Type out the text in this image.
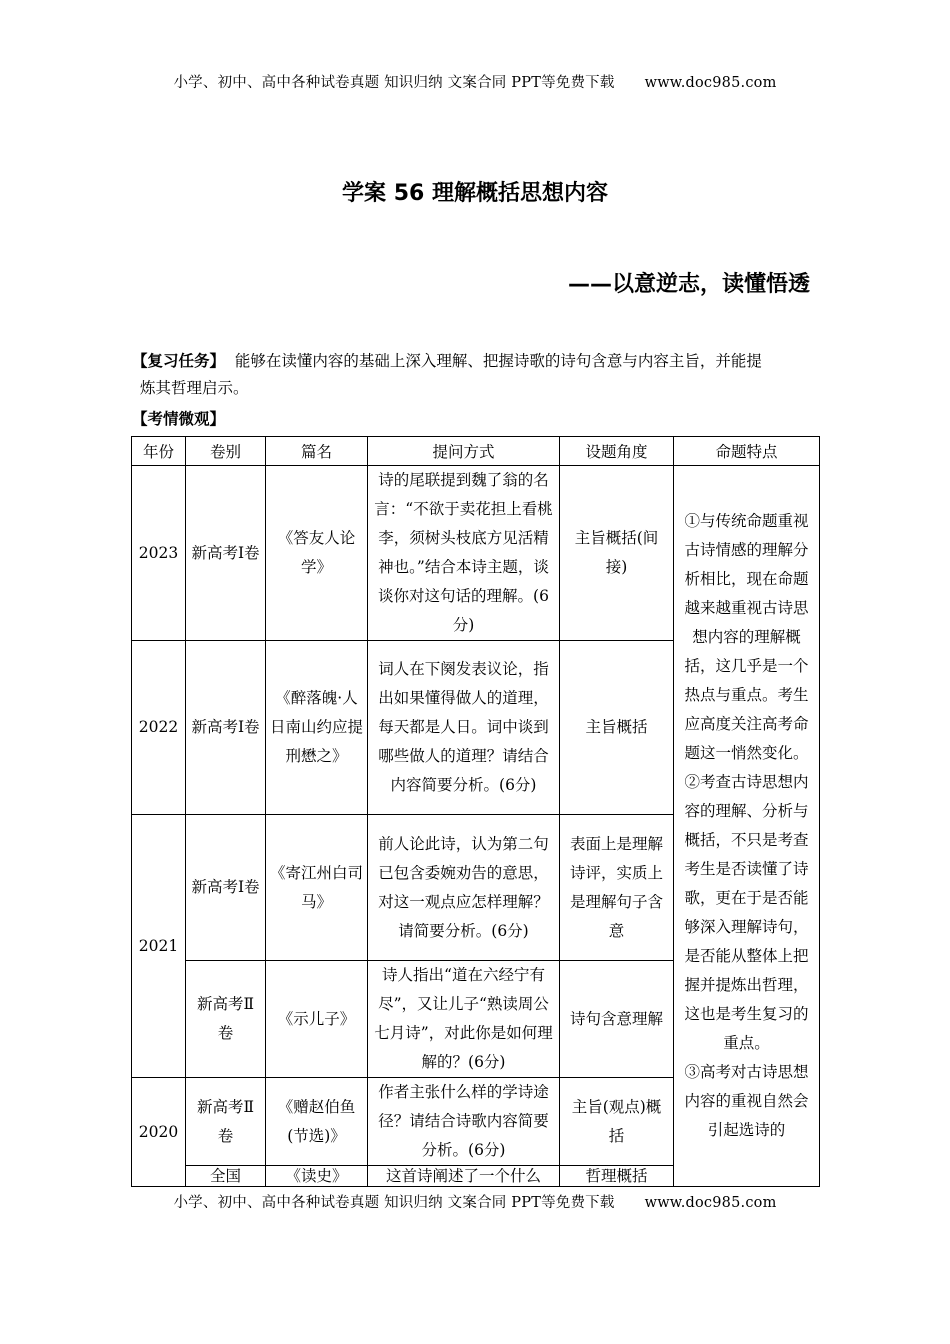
小学、初中、高中各种试卷真题 知识归纳 文案合同 PPT等免费下载 www.doc985.com
学案 56 理解概括思想内容
——以意逆志，读懂悟透
【复习任务】 能够在读懂内容的基础上深入理解、把握诗歌的诗句含意与内容主旨，并能提
炼其哲理启示。
【考情微观】
年份	卷别	篇名	提问方式	设题角度	命题特点
2023	新高考Ⅰ卷	《答友人论学》	诗的尾联提到魏了翁的名言：“不欲于卖花担上看桃李，须树头枝底方见活精神也。”结合本诗主题，谈谈你对这句话的理解。(6分)	主旨概括(间接)	①与传统命题重视古诗情感的理解分析相比，现在命题越来越重视古诗思想内容的理解概括，这几乎是一个热点与重点。考生应高度关注高考命题这一悄然变化。

②考查古诗思想内容的理解、分析与概括，不只是考查考生是否读懂了诗歌，更在于是否能够深入理解诗句，是否能从整体上把握并提炼出哲理，这也是考生复习的重点。

③高考对古诗思想内容的重视自然会引起选诗的

2022	新高考Ⅰ卷	《醉落魄·人日南山约应提刑懋之》	词人在下阕发表议论，指出如果懂得做人的道理，每天都是人日。词中谈到哪些做人的道理？请结合内容简要分析。(6分)	主旨概括	
2021	新高考Ⅰ卷	《寄江州白司马》	前人论此诗，认为第二句已包含委婉劝告的意思，对这一观点应怎样理解？请简要分析。(6分)	表面上是理解诗评，实质上是理解句子含意	
	新高考Ⅱ卷	《示儿子》	诗人指出“道在六经宁有尽”，又让儿子“熟读周公七月诗”，对此你是如何理解的？(6分)	诗句含意理解	
2020	新高考Ⅱ卷	《赠赵伯鱼(节选)》	作者主张什么样的学诗途径？请结合诗歌内容简要分析。(6分)	主旨(观点)概括	
	全国	《读史》	这首诗阐述了一个什么	哲理概括	
小学、初中、高中各种试卷真题 知识归纳 文案合同 PPT等免费下载 www.doc985.com
